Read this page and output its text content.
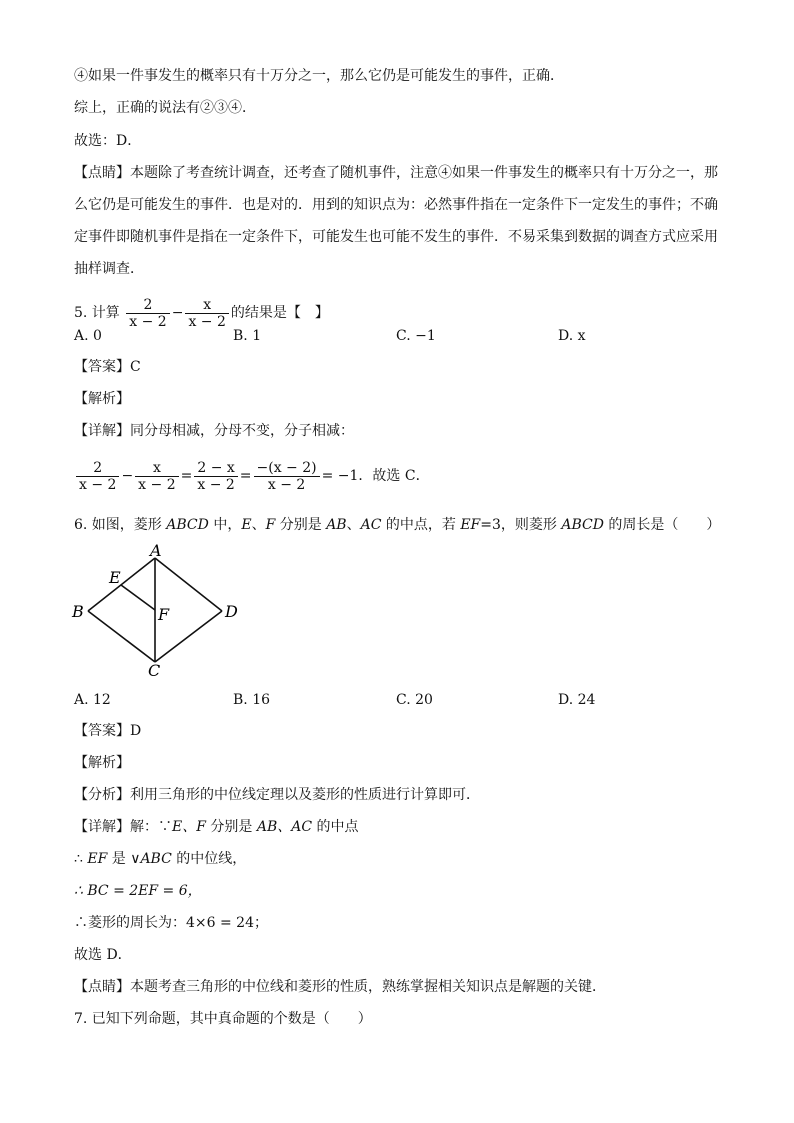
④如果一件事发生的概率只有十万分之一，那么它仍是可能发生的事件，正确．
综上，正确的说法有②③④．
故选：D．
【点睛】本题除了考查统计调查，还考查了随机事件，注意④如果一件事发生的概率只有十万分之一，那
么它仍是可能发生的事件．也是对的．用到的知识点为：必然事件指在一定条件下一定发生的事件；不确
定事件即随机事件是指在一定条件下，可能发生也可能不发生的事件．不易采集到数据的调查方式应采用
抽样调查．
5. 计算 $\frac{2}{x - 2} - \frac{x}{x - 2}$ 的结果是【　】
A. 0	B. 1	C. −1	D. x
【答案】C
【解析】
【详解】同分母相减，分母不变，分子相减：
$\frac{2}{x - 2} - \frac{x}{x - 2} = \frac{2 - x}{x - 2} = \frac{-(x - 2)}{x - 2} = -1$．故选 C．
6. 如图，菱形 ABCD 中，E、F 分别是 AB、AC 的中点，若 EF=3，则菱形 ABCD 的周长是（　　）
A
B
C
D
E
F
A. 12	B. 16	C. 20	D. 24
【答案】D
【解析】
【分析】利用三角形的中位线定理以及菱形的性质进行计算即可．
【详解】解：∵E、F 分别是 AB、AC 的中点
∴ EF 是 ∨ABC 的中位线，
∴ BC = 2EF = 6，
∴菱形的周长为：4×6 = 24；
故选 D．
【点睛】本题考查三角形的中位线和菱形的性质，熟练掌握相关知识点是解题的关键．
7. 已知下列命题，其中真命题的个数是（　　）
